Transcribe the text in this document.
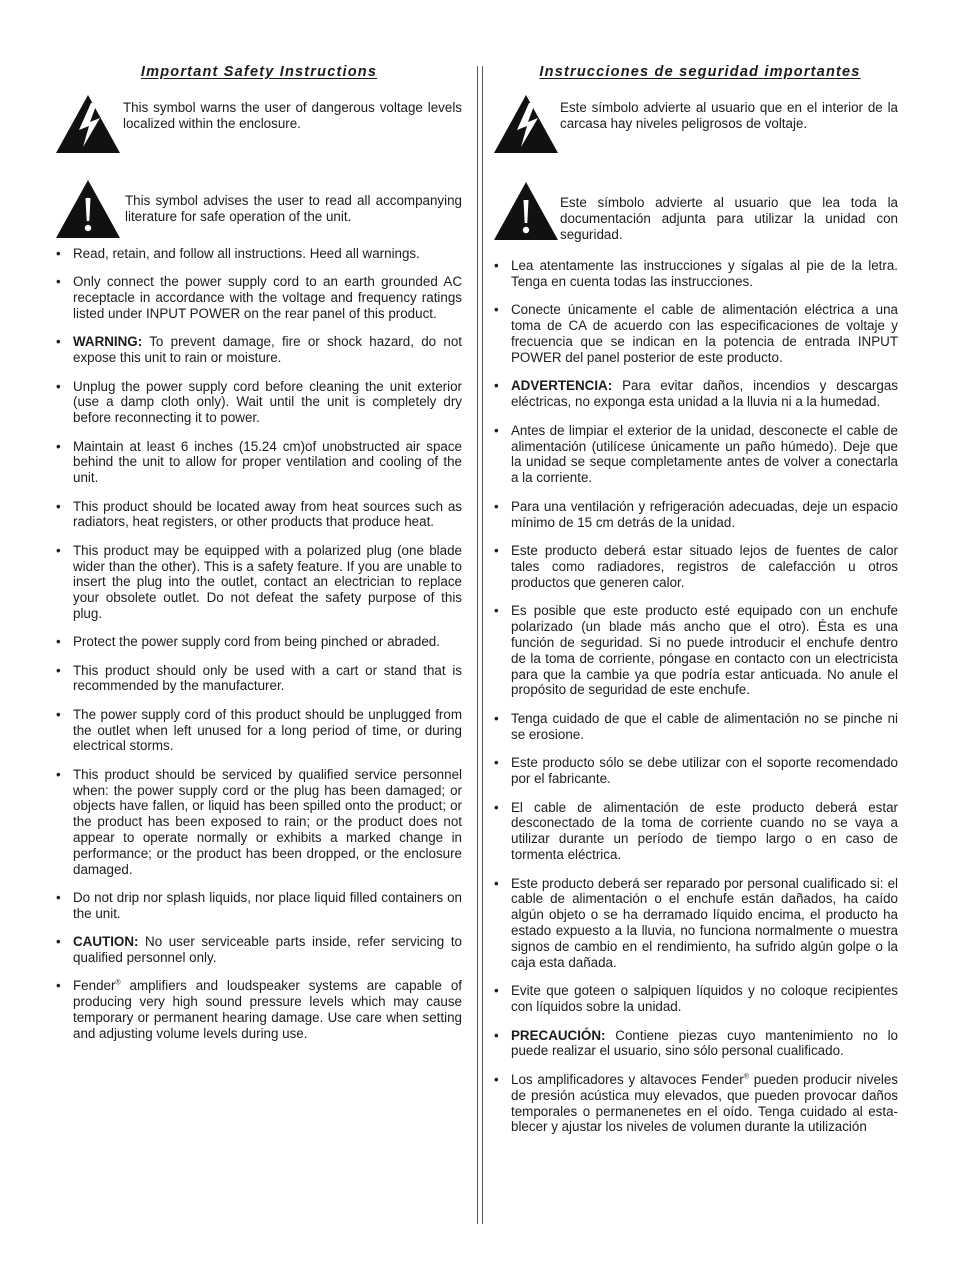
Important Safety Instructions
This symbol warns the user of dangerous voltage levels localized within the enclosure.
This symbol advises the user to read all accompanying literature for safe operation of the unit.
• Read, retain, and follow all instructions. Heed all warnings.
• Only connect the power supply cord to an earth grounded AC receptacle in accordance with the voltage and frequency ratings listed under INPUT POWER on the rear panel of this product.
• WARNING: To prevent damage, fire or shock hazard, do not expose this unit to rain or moisture.
• Unplug the power supply cord before cleaning the unit exterior (use a damp cloth only). Wait until the unit is completely dry before reconnecting it to power.
• Maintain at least 6 inches (15.24 cm)of unobstructed air space behind the unit to allow for proper ventilation and cooling of the unit.
• This product should be located away from heat sources such as radiators, heat registers, or other products that produce heat.
• This product may be equipped with a polarized plug (one blade wider than the other). This is a safety feature. If you are unable to insert the plug into the outlet, contact an electrician to replace your obsolete outlet. Do not defeat the safety purpose of this plug.
• Protect the power supply cord from being pinched or abraded.
• This product should only be used with a cart or stand that is recommended by the manufacturer.
• The power supply cord of this product should be unplugged from the outlet when left unused for a long period of time, or during electrical storms.
• This product should be serviced by qualified service personnel when: the power supply cord or the plug has been damaged; or objects have fallen, or liquid has been spilled onto the product; or the product has been exposed to rain; or the product does not appear to operate normally or exhibits a marked change in performance; or the product has been dropped, or the enclosure damaged.
• Do not drip nor splash liquids, nor place liquid filled containers on the unit.
• CAUTION: No user serviceable parts inside, refer servicing to qualified personnel only.
• Fender® amplifiers and loudspeaker systems are capable of producing very high sound pressure levels which may cause temporary or permanent hearing damage. Use care when setting and adjusting volume levels during use.
Instrucciones de seguridad importantes
Este símbolo advierte al usuario que en el interior de la carcasa hay niveles peligrosos de voltaje.
Este símbolo advierte al usuario que lea toda la documentación adjunta para utilizar la unidad con seguridad.
• Lea atentamente las instrucciones y sígalas al pie de la letra. Tenga en cuenta todas las instrucciones.
• Conecte únicamente el cable de alimentación eléctrica a una toma de CA de acuerdo con las especificaciones de voltaje y frecuencia que se indican en la potencia de entrada INPUT POWER del panel posterior de este producto.
• ADVERTENCIA: Para evitar daños, incendios y descargas eléctricas, no exponga esta unidad a la lluvia ni a la humedad.
• Antes de limpiar el exterior de la unidad, desconecte el cable de alimentación (utilícese únicamente un paño húmedo). Deje que la unidad se seque completamente antes de volver a conectarla a la corriente.
• Para una ventilación y refrigeración adecuadas, deje un espacio mínimo de 15 cm detrás de la unidad.
• Este producto deberá estar situado lejos de fuentes de calor tales como radiadores, registros de calefacción u otros productos que generen calor.
• Es posible que este producto esté equipado con un enchufe polarizado (un blade más ancho que el otro). Ésta es una función de seguridad. Si no puede introducir el enchufe dentro de la toma de corriente, póngase en contacto con un electricista para que la cambie ya que podría estar anticuada. No anule el propósito de seguridad de este enchufe.
• Tenga cuidado de que el cable de alimentación no se pinche ni se erosione.
• Este producto sólo se debe utilizar con el soporte recomendado por el fabricante.
• El cable de alimentación de este producto deberá estar desconectado de la toma de corriente cuando no se vaya a utilizar durante un período de tiempo largo o en caso de tormenta eléctrica.
• Este producto deberá ser reparado por personal cualificado si: el cable de alimentación o el enchufe están dañados, ha caído algún objeto o se ha derramado líquido encima, el producto ha estado expuesto a la lluvia, no funciona normalmente o muestra signos de cambio en el rendimiento, ha sufrido algún golpe o la caja esta dañada.
• Evite que goteen o salpiquen líquidos y no coloque recipientes con líquidos sobre la unidad.
• PRECAUCIÓN: Contiene piezas cuyo mantenimiento no lo puede realizar el usuario, sino sólo personal cualificado.
• Los amplificadores y altavoces Fender® pueden producir niveles de presión acústica muy elevados, que pueden provocar daños temporales o permanenetes en el oído. Tenga cuidado al esta-blecer y ajustar los niveles de volumen durante la utilización
